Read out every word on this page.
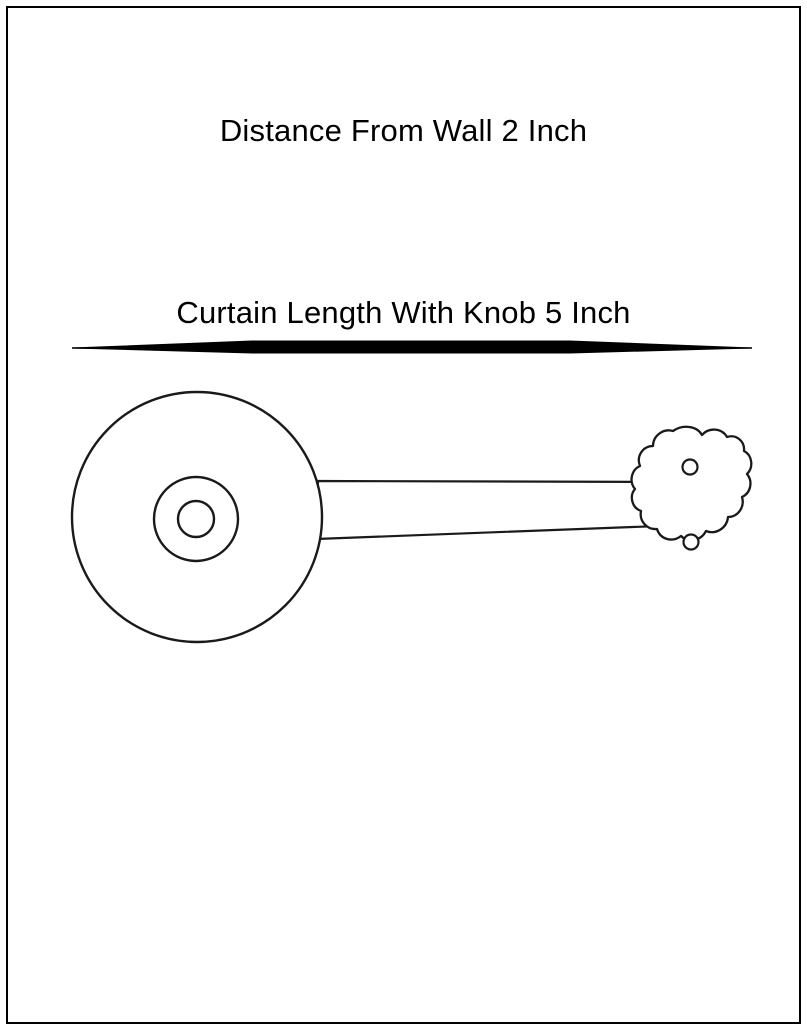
Distance From Wall 2 Inch
Curtain Length With Knob 5 Inch
